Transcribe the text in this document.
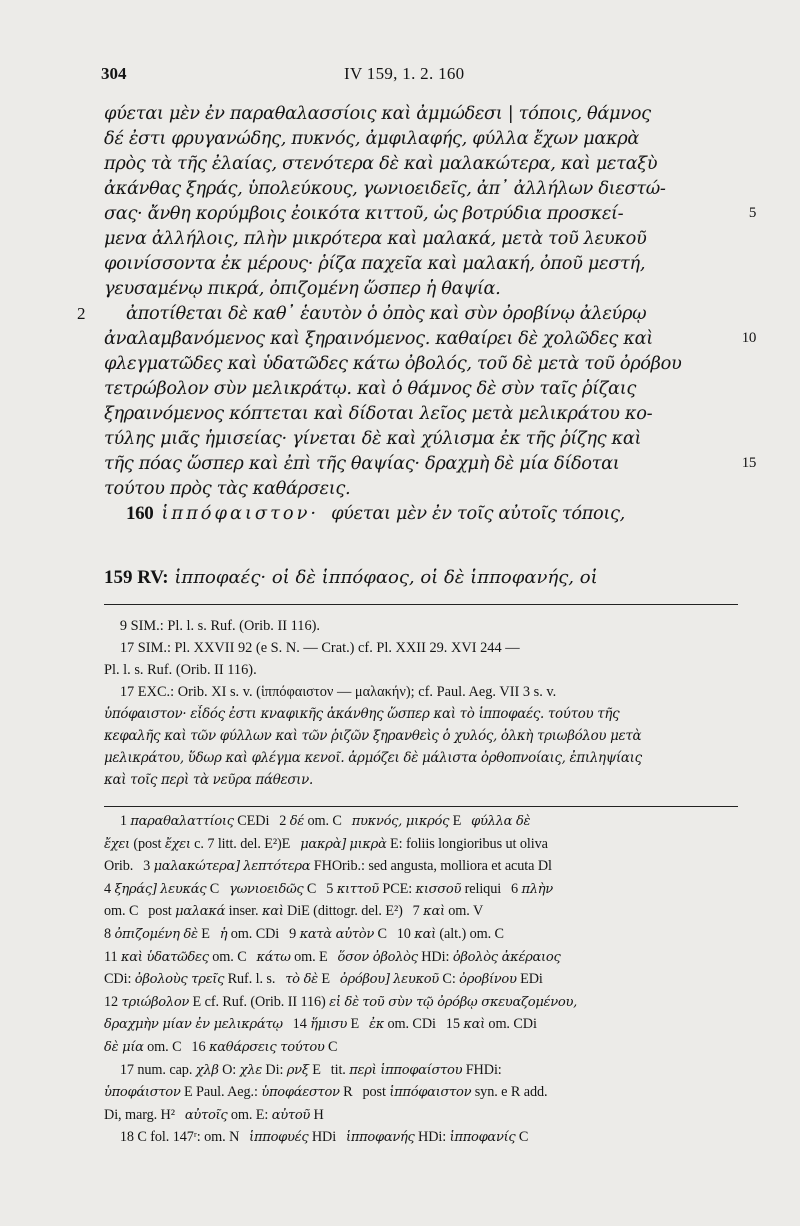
304	IV 159, 1. 2. 160
φύεται μὲν ἐν παραθαλασσίοις καὶ ἀμμώδεσι | τόποις, θάμνος
δέ ἐστι φρυγανώδης, πυκνός, ἀμφιλαφής, φύλλα ἔχων μακρὰ
πρὸς τὰ τῆς ἐλαίας, στενότερα δὲ καὶ μαλακώτερα, καὶ μεταξὺ
ἀκάνθας ξηράς, ὑπολεύκους, γωνιοειδεῖς, ἀπ᾽ ἀλλήλων διεστώ-
σας· ἄνθη κορύμβοις ἐοικότα κιττοῦ, ὡς βοτρύδια προσκεί-	5
μενα ἀλλήλοις, πλὴν μικρότερα καὶ μαλακά, μετὰ τοῦ λευκοῦ
φοινίσσοντα ἐκ μέρους· ῥίζα παχεῖα καὶ μαλακή, ὀποῦ μεστή,
γευσαμένῳ πικρά, ὀπιζομένη ὥσπερ ἡ θαψία.
ἀποτίθεται δὲ καθ᾽ ἑαυτὸν ὁ ὀπὸς καὶ σὺν ὀροβίνῳ ἀλεύρῳ
2
ἀναλαμβανόμενος καὶ ξηραινόμενος. καθαίρει δὲ χολῶδες καὶ	10
φλεγματῶδες καὶ ὑδατῶδες κάτω ὀβολός, τοῦ δὲ μετὰ τοῦ ὀρόβου
τετρώβολον σὺν μελικράτῳ. καὶ ὁ θάμνος δὲ σὺν ταῖς ῥίζαις
ξηραινόμενος κόπτεται καὶ δίδοται λεῖος μετὰ μελικράτου κο-
τύλης μιᾶς ἡμισείας· γίνεται δὲ καὶ χύλισμα ἐκ τῆς ῥίζης καὶ
τῆς πόας ὥσπερ καὶ ἐπὶ τῆς θαψίας· δραχμὴ δὲ μία δίδοται	15
τούτου πρὸς τὰς καθάρσεις.
160 ἱππόφαιστον· φύεται μὲν ἐν τοῖς αὐτοῖς τόποις,
159 RV: ἱπποφαές· οἱ δὲ ἱππόφαος, οἱ δὲ ἱπποφανής, οἱ
9 SIM.: Pl. l. s. Ruf. (Orib. II 116).
17 SIM.: Pl. XXVII 92 (e S. N. — Crat.) cf. Pl. XXII 29. XVI 244 —
Pl. l. s. Ruf. (Orib. II 116).
17 EXC.: Orib. XI s. v. (ἱππόφαιστον — μαλακήν); cf. Paul. Aeg. VII 3 s. v.
ὑπόφαιστον· εἶδός ἐστι κναφικῆς ἀκάνθης ὥσπερ καὶ τὸ ἱπποφαές. τούτου τῆς
κεφαλῆς καὶ τῶν φύλλων καὶ τῶν ῥιζῶν ξηρανθεὶς ὁ χυλός, ὁλκὴ τριωβόλου μετὰ
μελικράτου, ὕδωρ καὶ φλέγμα κενοῖ. ἁρμόζει δὲ μάλιστα ὀρθοπνοίαις, ἐπιληψίαις
καὶ τοῖς περὶ τὰ νεῦρα πάθεσιν.
1 παραθαλαττίοις CEDi 2 δέ om. C πυκνός, μικρός E φύλλα δὲ
ἔχει (post ἔχει c. 7 litt. del. E²)E μακρὰ] μικρὰ E: foliis longioribus ut oliva
Orib. 3 μαλακώτερα] λεπτότερα FHOrib.: sed angusta, molliora et acuta Dl
4 ξηράς] λευκάς C γωνιοειδῶς C 5 κιττοῦ PCE: κισσοῦ reliqui 6 πλὴν
om. C post μαλακά inser. καὶ DiE (dittogr. del. E²) 7 καὶ om. V
8 ὀπιζομένη δὲ E ἡ om. CDi 9 κατὰ αὐτὸν C 10 καὶ (alt.) om. C
11 καὶ ὑδατῶδες om. C κάτω om. E ὅσον ὀβολὸς HDi: ὀβολὸς ἀκέραιος
CDi: ὀβολοὺς τρεῖς Ruf. l. s. τὸ δὲ E ὀρόβου] λευκοῦ C: ὀροβίνου EDi
12 τριώβολον E cf. Ruf. (Orib. II 116) εἰ δὲ τοῦ σὺν τῷ ὀρόβῳ σκευαζομένου,
δραχμὴν μίαν ἐν μελικράτῳ 14 ἥμισυ E ἐκ om. CDi 15 καὶ om. CDi
δὲ μία om. C 16 καθάρσεις τούτου C
17 num. cap. χλβ O: χλε Di: ρνξ E tit. περὶ ἱπποφαίστου FHDi:
ὑποφάιστον E Paul. Aeg.: ὑποφάεστον R post ἱππόφαιστον syn. e R add.
Di, marg. H² αὐτοῖς om. E: αὐτοῦ H
18 C fol. 147ʳ: om. N ἱπποφυές HDi ἱπποφανής HDi: ἱπποφανίς C
